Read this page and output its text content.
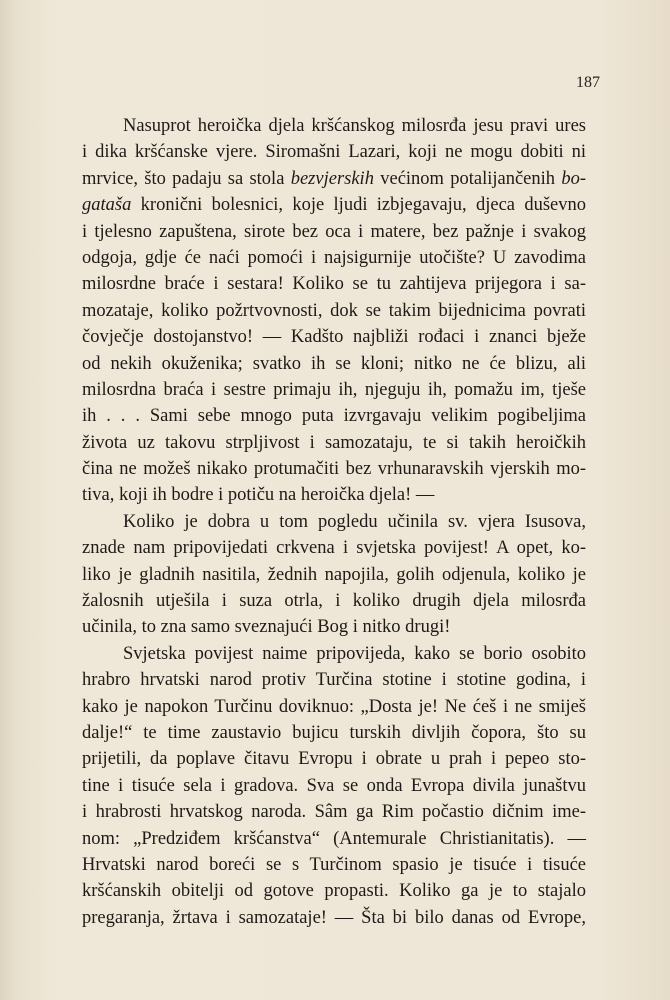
187
Nasuprot heroička djela kršćanskog milosrđa jesu pravi ures
i dika kršćanske vjere. Siromašni Lazari, koji ne mogu dobiti ni
mrvice, što padaju sa stola bezvjerskih većinom potalijančenih bo-
gataša kronični bolesnici, koje ljudi izbjegavaju, djeca duševno
i tjelesno zapuštena, sirote bez oca i matere, bez pažnje i svakog
odgoja, gdje će naći pomoći i najsigurnije utočište? U zavodima
milosrdne braće i sestara! Koliko se tu zahtijeva prijegora i sa-
mozataje, koliko požrtvovnosti, dok se takim bijednicima povrati
čovječje dostojanstvo! — Kadšto najbliži rođaci i znanci bježe
od nekih okuženika; svatko ih se kloni; nitko ne će blizu, ali
milosrdna braća i sestre primaju ih, njeguju ih, pomažu im, tješe
ih . . . Sami sebe mnogo puta izvrgavaju velikim pogibeljima
života uz takovu strpljivost i samozataju, te si takih heroičkih
čina ne možeš nikako protumačiti bez vrhunaravskih vjerskih mo-
tiva, koji ih bodre i potiču na heroička djela! —
Koliko je dobra u tom pogledu učinila sv. vjera Isusova,
znade nam pripovijedati crkvena i svjetska povijest! A opet, ko-
liko je gladnih nasitila, žednih napojila, golih odjenula, koliko je
žalosnih utješila i suza otrla, i koliko drugih djela milosrđa
učinila, to zna samo sveznajući Bog i nitko drugi!
Svjetska povijest naime pripovijeda, kako se borio osobito
hrabro hrvatski narod protiv Turčina stotine i stotine godina, i
kako je napokon Turčinu doviknuo: „Dosta je! Ne ćeš i ne smiješ
dalje!“ te time zaustavio bujicu turskih divljih čopora, što su
prijetili, da poplave čitavu Evropu i obrate u prah i pepeo sto-
tine i tisuće sela i gradova. Sva se onda Evropa divila junaštvu
i hrabrosti hrvatskog naroda. Sâm ga Rim počastio dičnim ime-
nom: „Predziđem kršćanstva“ (Antemurale Christianitatis). —
Hrvatski narod boreći se s Turčinom spasio je tisuće i tisuće
kršćanskih obitelji od gotove propasti. Koliko ga je to stajalo
pregaranja, žrtava i samozataje! — Šta bi bilo danas od Evrope,
